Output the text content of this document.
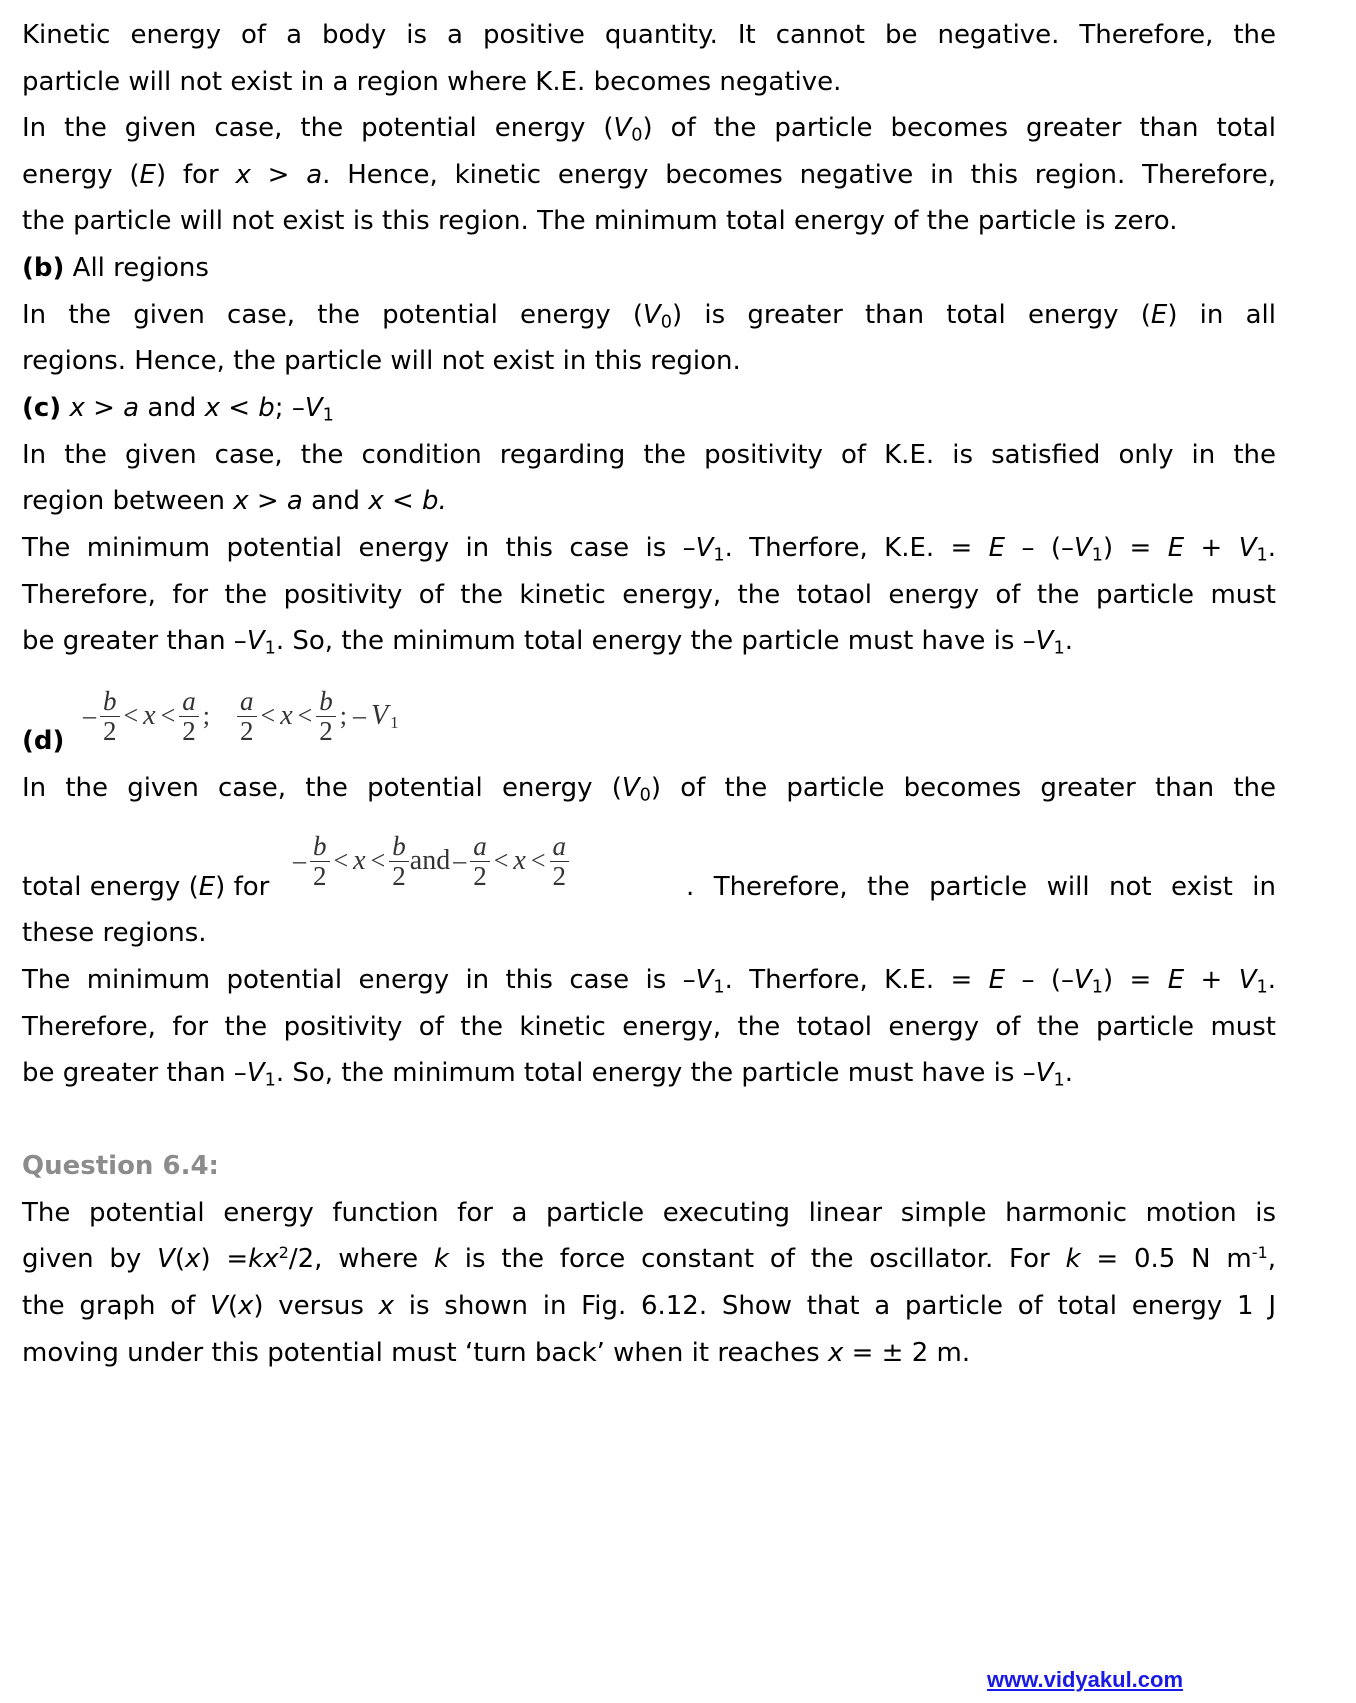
Kinetic energy of a body is a positive quantity. It cannot be negative. Therefore, the
particle will not exist in a region where K.E. becomes negative.
In the given case, the potential energy $(V_0)$ of the particle becomes greater than total
energy (E) for x > a. Hence, kinetic energy becomes negative in this region. Therefore,
the particle will not exist is this region. The minimum total energy of the particle is zero.
(b) All regions
In the given case, the potential energy $(V_0)$ is greater than total energy (E) in all
regions. Hence, the particle will not exist in this region.
(c) x > a and x < b; $-V_1$
In the given case, the condition regarding the positivity of K.E. is satisfied only in the
region between x > a and x < b.
The minimum potential energy in this case is $-V_1$. Therfore, K.E. = $E - (-V_1) = E + V_1$.
Therefore, for the positivity of the kinetic energy, the totaol energy of the particle must
be greater than $-V_1$. So, the minimum total energy the particle must have is $-V_1$.
(d)
– $\frac{b}{2} < x < \frac{a}{2}$ ;	$\frac{a}{2} < x < \frac{b}{2}$ ; – V 1
In the given case, the potential energy $(V_0)$ of the particle becomes greater than the
total energy (E) for
– $\frac{b}{2} < x < \frac{b}{2}$ and – $\frac{a}{2} < x < \frac{a}{2}$	. Therefore, the particle will not exist in
these regions.
The minimum potential energy in this case is $-V_1$. Therfore, K.E. = $E - (-V_1) = E + V_1$.
Therefore, for the positivity of the kinetic energy, the totaol energy of the particle must
be greater than $-V_1$. So, the minimum total energy the particle must have is $-V_1$.
Question 6.4:
The potential energy function for a particle executing linear simple harmonic motion is
given by $V(x) =kx^2/2$, where k is the force constant of the oscillator. For k = 0.5 N $m^{-1}$,
the graph of V(x) versus x is shown in Fig. 6.12. Show that a particle of total energy 1 J
moving under this potential must ‘turn back’ when it reaches x = ± 2 m.
www.vidyakul.com
